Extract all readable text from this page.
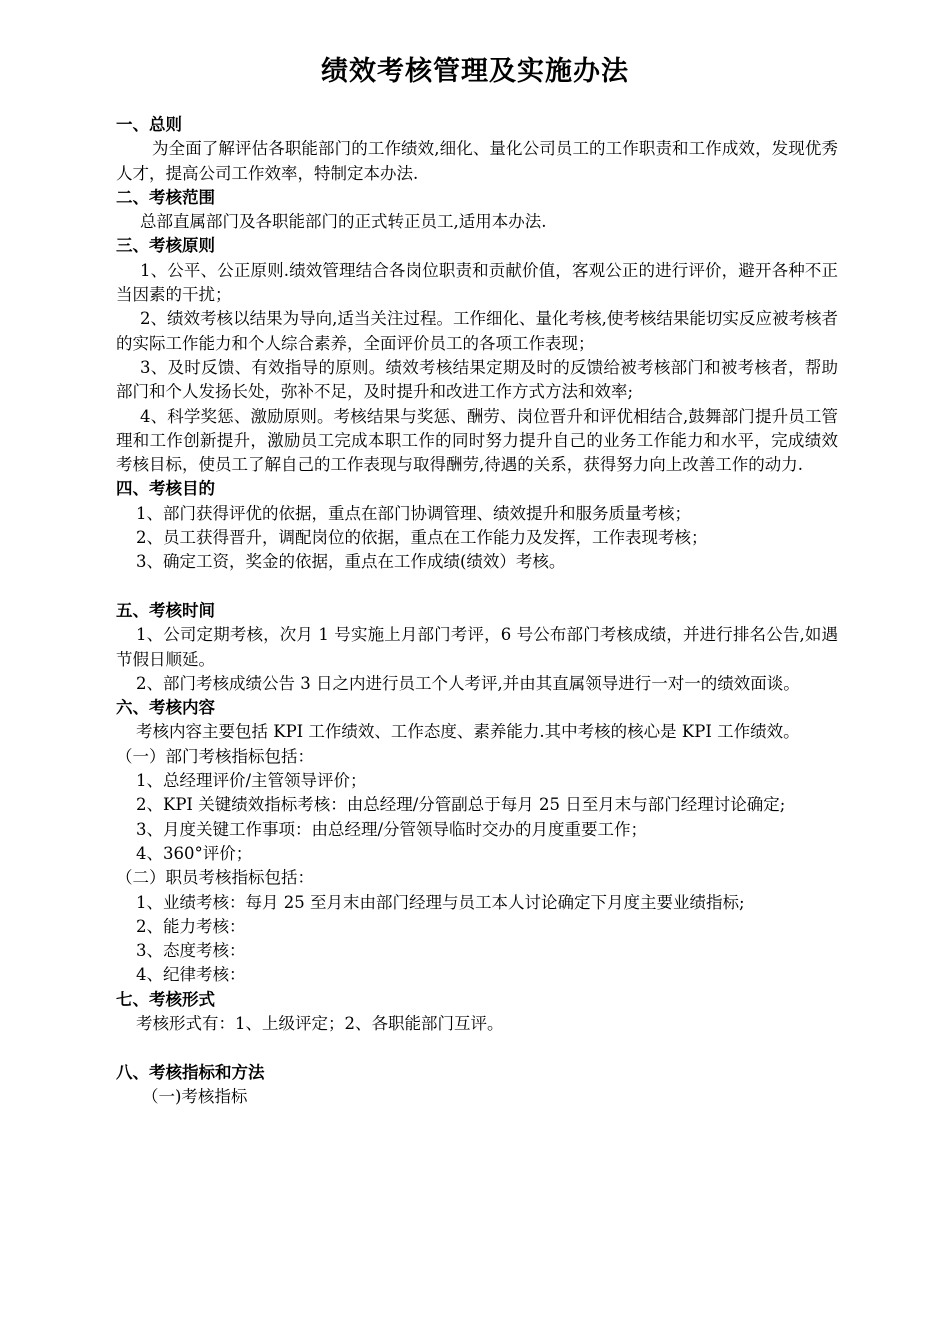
绩效考核管理及实施办法
一、总则
为全面了解评估各职能部门的工作绩效,细化、量化公司员工的工作职责和工作成效，发现优秀人才，提高公司工作效率，特制定本办法.
二、考核范围
总部直属部门及各职能部门的正式转正员工,适用本办法.
三、考核原则
1、公平、公正原则.绩效管理结合各岗位职责和贡献价值，客观公正的进行评价，避开各种不正当因素的干扰；
2、绩效考核以结果为导向,适当关注过程。工作细化、量化考核,使考核结果能切实反应被考核者的实际工作能力和个人综合素养，全面评价员工的各项工作表现；
3、及时反馈、有效指导的原则。绩效考核结果定期及时的反馈给被考核部门和被考核者，帮助部门和个人发扬长处，弥补不足，及时提升和改进工作方式方法和效率;
4、科学奖惩、激励原则。考核结果与奖惩、酬劳、岗位晋升和评优相结合,鼓舞部门提升员工管理和工作创新提升，激励员工完成本职工作的同时努力提升自己的业务工作能力和水平，完成绩效考核目标，使员工了解自己的工作表现与取得酬劳,待遇的关系，获得努力向上改善工作的动力.
四、考核目的
1、部门获得评优的依据，重点在部门协调管理、绩效提升和服务质量考核；
2、员工获得晋升，调配岗位的依据，重点在工作能力及发挥，工作表现考核；
3、确定工资，奖金的依据，重点在工作成绩(绩效）考核。
五、考核时间
1、公司定期考核，次月 1 号实施上月部门考评，6 号公布部门考核成绩，并进行排名公告,如遇节假日顺延。
2、部门考核成绩公告 3 日之内进行员工个人考评,并由其直属领导进行一对一的绩效面谈。
六、考核内容
考核内容主要包括 KPI 工作绩效、工作态度、素养能力.其中考核的核心是 KPI 工作绩效。
（一）部门考核指标包括：
1、总经理评价/主管领导评价；
2、KPI 关键绩效指标考核：由总经理/分管副总于每月 25 日至月末与部门经理讨论确定;
3、月度关键工作事项：由总经理/分管领导临时交办的月度重要工作；
4、360°评价；
（二）职员考核指标包括：
1、业绩考核：每月 25 至月末由部门经理与员工本人讨论确定下月度主要业绩指标;
2、能力考核：
3、态度考核：
4、纪律考核：
七、考核形式
考核形式有：1、上级评定；2、各职能部门互评。
八、考核指标和方法
（一)考核指标
